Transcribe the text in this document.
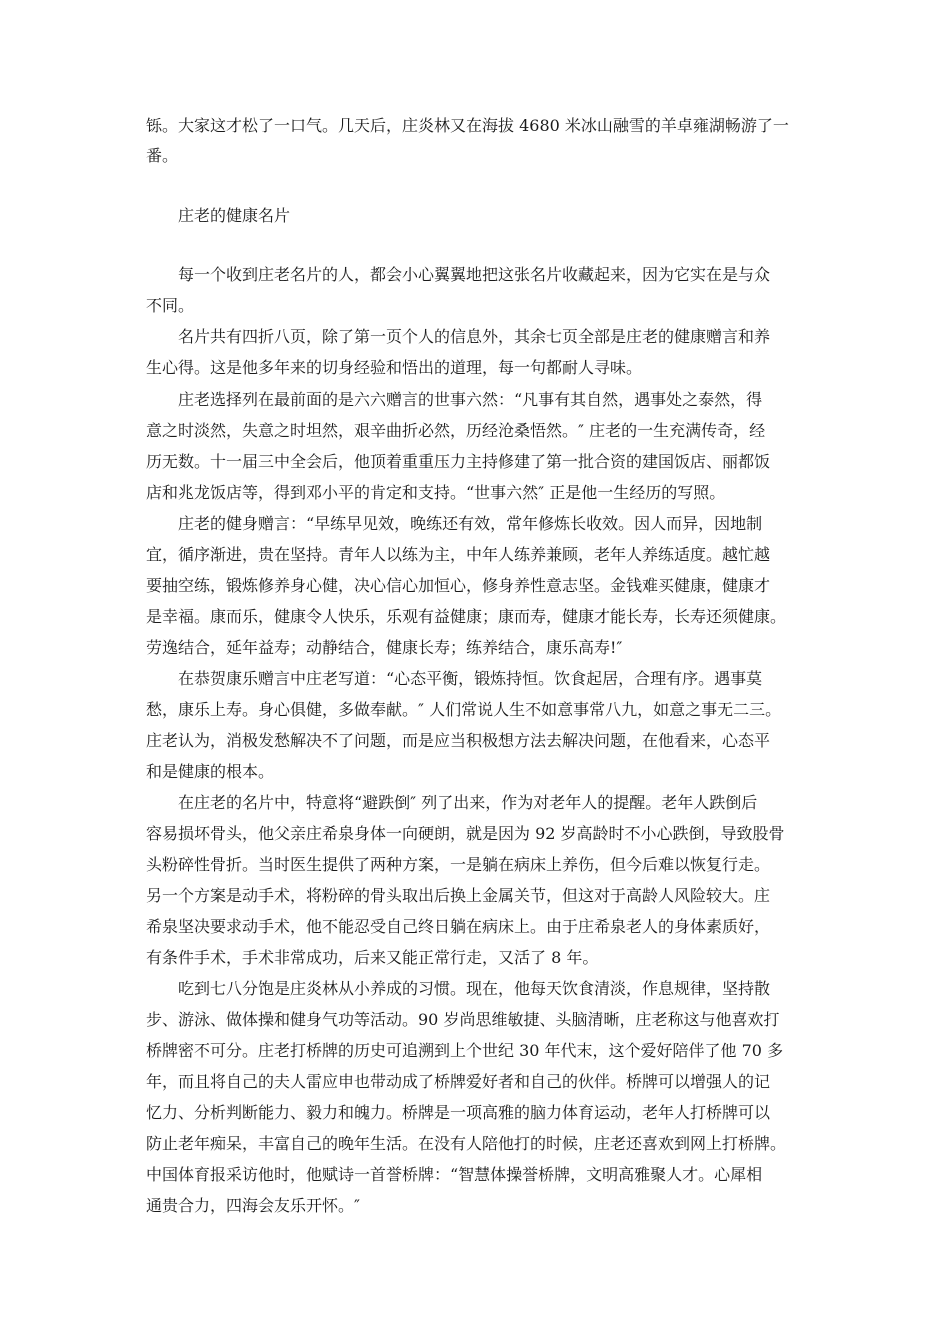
铄。大家这才松了一口气。几天后，庄炎林又在海拔 4680 米冰山融雪的羊卓雍湖畅游了一
番。
庄老的健康名片
每一个收到庄老名片的人，都会小心翼翼地把这张名片收藏起来，因为它实在是与众
不同。
名片共有四折八页，除了第一页个人的信息外，其余七页全部是庄老的健康赠言和养
生心得。这是他多年来的切身经验和悟出的道理，每一句都耐人寻味。
庄老选择列在最前面的是六六赠言的世事六然：“凡事有其自然，遇事处之泰然，得
意之时淡然，失意之时坦然，艰辛曲折必然，历经沧桑悟然。″ 庄老的一生充满传奇，经
历无数。十一届三中全会后，他顶着重重压力主持修建了第一批合资的建国饭店、丽都饭
店和兆龙饭店等，得到邓小平的肯定和支持。“世事六然″ 正是他一生经历的写照。
庄老的健身赠言：“早练早见效，晚练还有效，常年修炼长收效。因人而异，因地制
宜，循序渐进，贵在坚持。青年人以练为主，中年人练养兼顾，老年人养练适度。越忙越
要抽空练，锻炼修养身心健，决心信心加恒心，修身养性意志坚。金钱难买健康，健康才
是幸福。康而乐，健康令人快乐，乐观有益健康；康而寿，健康才能长寿，长寿还须健康。
劳逸结合，延年益寿；动静结合，健康长寿；练养结合，康乐高寿!″
在恭贺康乐赠言中庄老写道：“心态平衡，锻炼持恒。饮食起居，合理有序。遇事莫
愁，康乐上寿。身心俱健，多做奉献。″ 人们常说人生不如意事常八九，如意之事无二三。
庄老认为，消极发愁解决不了问题，而是应当积极想方法去解决问题，在他看来，心态平
和是健康的根本。
在庄老的名片中，特意将“避跌倒″ 列了出来，作为对老年人的提醒。老年人跌倒后
容易损坏骨头，他父亲庄希泉身体一向硬朗，就是因为 92 岁高龄时不小心跌倒，导致股骨
头粉碎性骨折。当时医生提供了两种方案，一是躺在病床上养伤，但今后难以恢复行走。
另一个方案是动手术，将粉碎的骨头取出后换上金属关节，但这对于高龄人风险较大。庄
希泉坚决要求动手术，他不能忍受自己终日躺在病床上。由于庄希泉老人的身体素质好，
有条件手术，手术非常成功，后来又能正常行走，又活了 8 年。
吃到七八分饱是庄炎林从小养成的习惯。现在，他每天饮食清淡，作息规律，坚持散
步、游泳、做体操和健身气功等活动。90 岁尚思维敏捷、头脑清晰，庄老称这与他喜欢打
桥牌密不可分。庄老打桥牌的历史可追溯到上个世纪 30 年代末，这个爱好陪伴了他 70 多
年，而且将自己的夫人雷应申也带动成了桥牌爱好者和自己的伙伴。桥牌可以增强人的记
忆力、分析判断能力、毅力和魄力。桥牌是一项高雅的脑力体育运动，老年人打桥牌可以
防止老年痴呆，丰富自己的晚年生活。在没有人陪他打的时候，庄老还喜欢到网上打桥牌。
中国体育报采访他时，他赋诗一首誉桥牌：“智慧体操誉桥牌，文明高雅聚人才。心犀相
通贵合力，四海会友乐开怀。″
